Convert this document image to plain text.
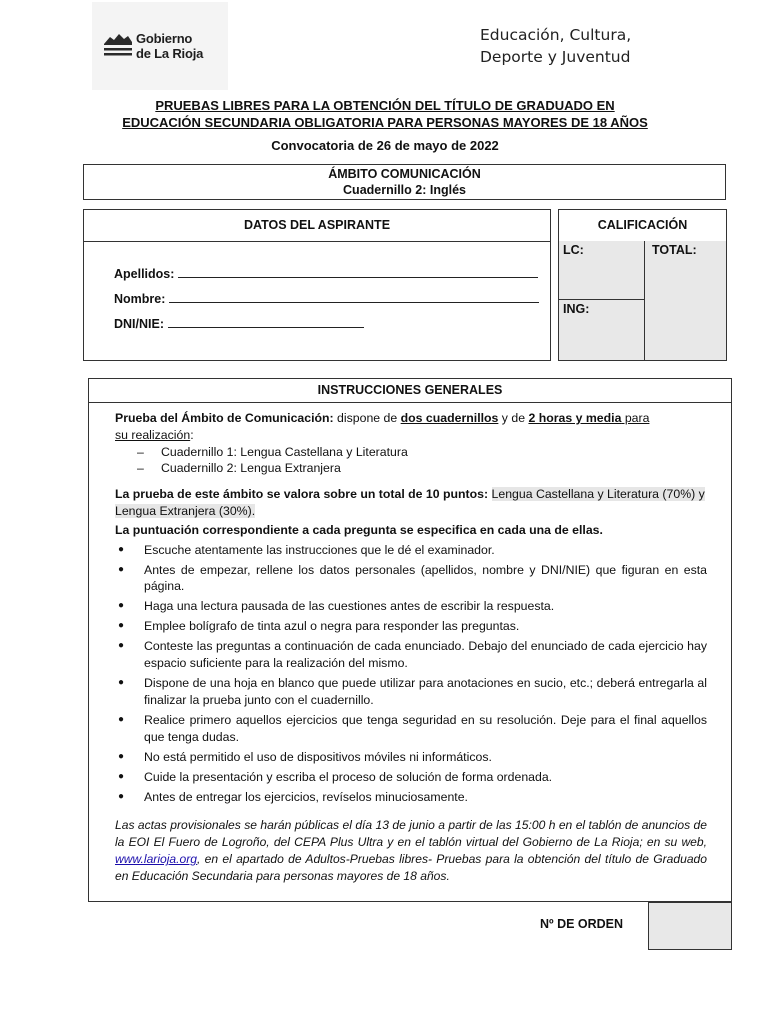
Gobierno
de La Rioja
Educación, Cultura,
Deporte y Juventud
PRUEBAS LIBRES PARA LA OBTENCIÓN DEL TÍTULO DE GRADUADO EN
EDUCACIÓN SECUNDARIA OBLIGATORIA PARA PERSONAS MAYORES DE 18 AÑOS
Convocatoria de 26 de mayo de 2022
ÁMBITO COMUNICACIÓN
Cuadernillo 2: Inglés
DATOS DEL ASPIRANTE
Apellidos:
Nombre:
DNI/NIE:
CALIFICACIÓN
LC:
ING:
TOTAL:
INSTRUCCIONES GENERALES

Prueba del Ámbito de Comunicación: dispone de dos cuadernillos y de 2 horas y media para
su realización:

– Cuadernillo 1: Lengua Castellana y Literatura
– Cuadernillo 2: Lengua Extranjera

La prueba de este ámbito se valora sobre un total de 10 puntos: Lengua Castellana y Literatura (70%) y Lengua Extranjera (30%).

La puntuación correspondiente a cada pregunta se especifica en cada una de ellas.

● Escuche atentamente las instrucciones que le dé el examinador.
● Antes de empezar, rellene los datos personales (apellidos, nombre y DNI/NIE) que figuran en esta página.
● Haga una lectura pausada de las cuestiones antes de escribir la respuesta.
● Emplee bolígrafo de tinta azul o negra para responder las preguntas.
● Conteste las preguntas a continuación de cada enunciado. Debajo del enunciado de cada ejercicio hay espacio suficiente para la realización del mismo.
● Dispone de una hoja en blanco que puede utilizar para anotaciones en sucio, etc.; deberá entregarla al finalizar la prueba junto con el cuadernillo.
● Realice primero aquellos ejercicios que tenga seguridad en su resolución. Deje para el final aquellos que tenga dudas.
● No está permitido el uso de dispositivos móviles ni informáticos.
● Cuide la presentación y escriba el proceso de solución de forma ordenada.
● Antes de entregar los ejercicios, revíselos minuciosamente.

Las actas provisionales se harán públicas el día 13 de junio a partir de las 15:00 h en el tablón de anuncios de la EOI El Fuero de Logroño, del CEPA Plus Ultra y en el tablón virtual del Gobierno de La Rioja; en su web, www.larioja.org, en el apartado de Adultos-Pruebas libres- Pruebas para la obtención del título de Graduado en Educación Secundaria para personas mayores de 18 años.

Nº DE ORDEN
